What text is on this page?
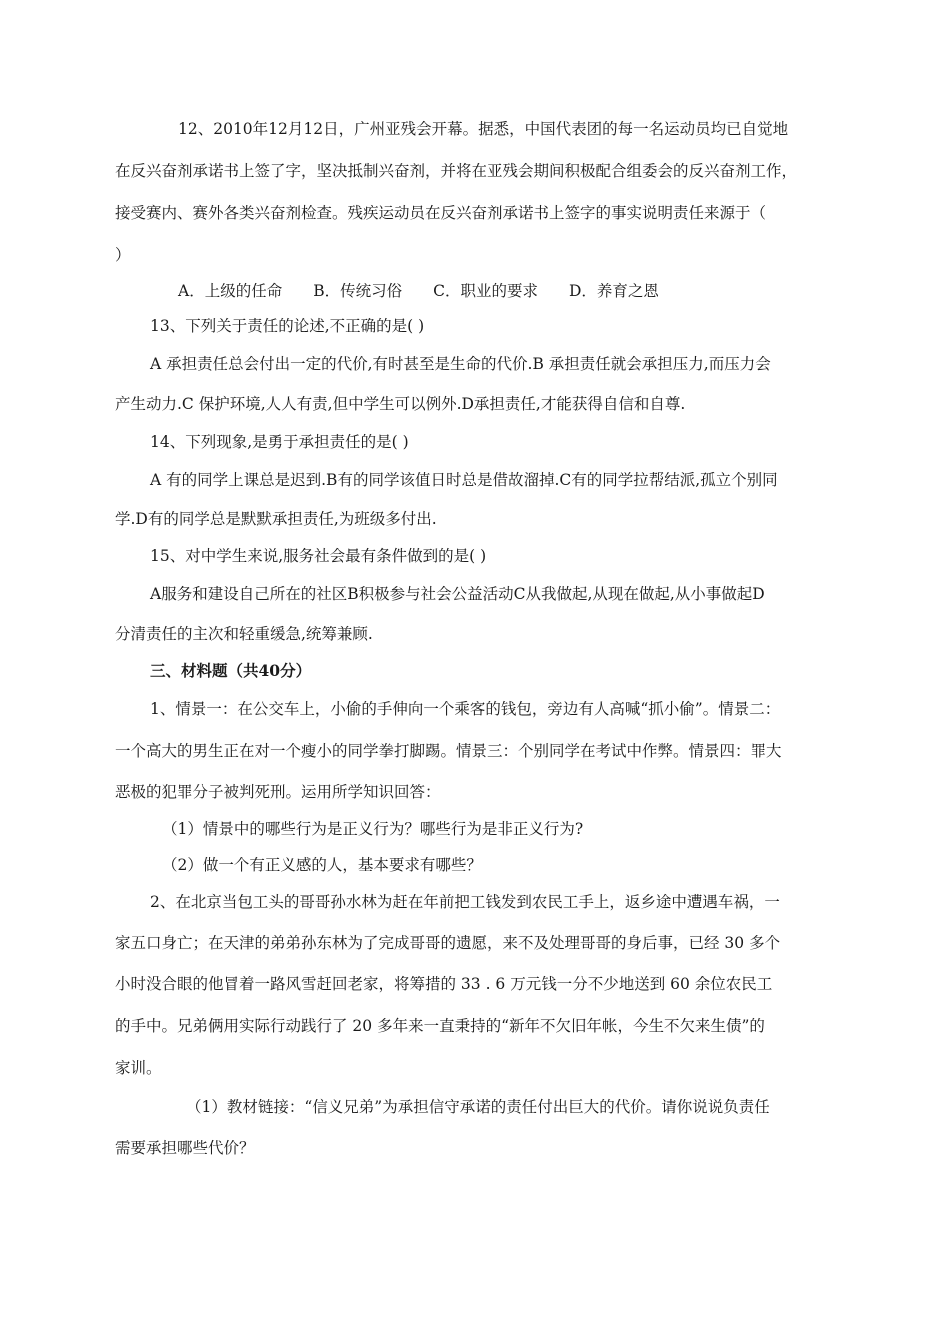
12、2010年12月12日，广州亚残会开幕。据悉，中国代表团的每一名运动员均已自觉地
在反兴奋剂承诺书上签了字，坚决抵制兴奋剂，并将在亚残会期间积极配合组委会的反兴奋剂工作，
接受赛内、赛外各类兴奋剂检查。残疾运动员在反兴奋剂承诺书上签字的事实说明责任来源于（
）
A．上级的任命　　B．传统习俗　　C．职业的要求　　D．养育之恩
13、下列关于责任的论述,不正确的是( )
A 承担责任总会付出一定的代价,有时甚至是生命的代价.B 承担责任就会承担压力,而压力会
产生动力.C 保护环境,人人有责,但中学生可以例外.D承担责任,才能获得自信和自尊.
14、下列现象,是勇于承担责任的是( )
A 有的同学上课总是迟到.B有的同学该值日时总是借故溜掉.C有的同学拉帮结派,孤立个别同
学.D有的同学总是默默承担责任,为班级多付出.
15、对中学生来说,服务社会最有条件做到的是( )
A服务和建设自己所在的社区B积极参与社会公益活动C从我做起,从现在做起,从小事做起D
分清责任的主次和轻重缓急,统筹兼顾.
三、材料题（共40分）
1、情景一：在公交车上，小偷的手伸向一个乘客的钱包，旁边有人高喊“抓小偷”。情景二：
一个高大的男生正在对一个瘦小的同学拳打脚踢。情景三：个别同学在考试中作弊。情景四：罪大
恶极的犯罪分子被判死刑。运用所学知识回答：
（1）情景中的哪些行为是正义行为？哪些行为是非正义行为?
（2）做一个有正义感的人，基本要求有哪些？
2、在北京当包工头的哥哥孙水林为赶在年前把工钱发到农民工手上，返乡途中遭遇车祸，一
家五口身亡；在天津的弟弟孙东林为了完成哥哥的遗愿，来不及处理哥哥的身后事，已经 30 多个
小时没合眼的他冒着一路风雪赶回老家，将筹措的 33 . 6 万元钱一分不少地送到 60 余位农民工
的手中。兄弟俩用实际行动践行了 20 多年来一直秉持的“新年不欠旧年帐，今生不欠来生债”的
家训。
（1）教材链接：“信义兄弟”为承担信守承诺的责任付出巨大的代价。请你说说负责任
需要承担哪些代价？
